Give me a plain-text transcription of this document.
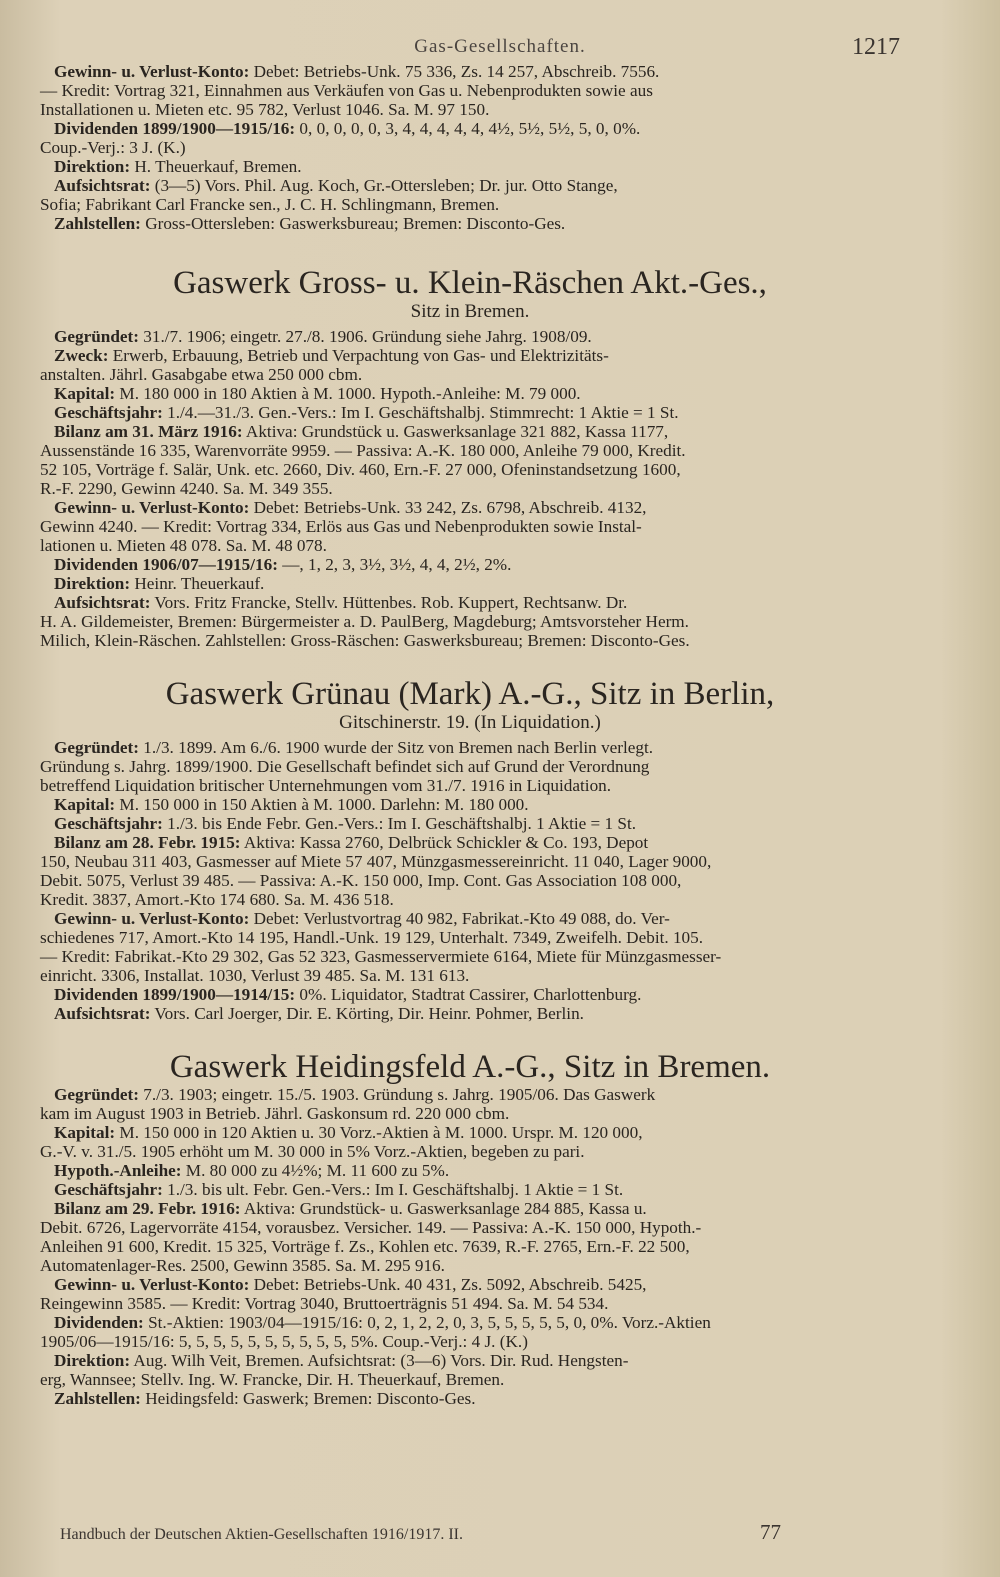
Gas-Gesellschaften.	1217

Gewinn- u. Verlust-Konto: Debet: Betriebs-Unk. 75 336, Zs. 14 257, Abschreib. 7556.

— Kredit: Vortrag 321, Einnahmen aus Verkäufen von Gas u. Nebenprodukten sowie aus

Installationen u. Mieten etc. 95 782, Verlust 1046. Sa. M. 97 150.

Dividenden 1899/1900—1915/16: 0, 0, 0, 0, 0, 3, 4, 4, 4, 4, 4, 4½, 5½, 5½, 5, 0, 0%.

Coup.-Verj.: 3 J. (K.)

Direktion: H. Theuerkauf, Bremen.

Aufsichtsrat: (3—5) Vors. Phil. Aug. Koch, Gr.-Ottersleben; Dr. jur. Otto Stange,

Sofia; Fabrikant Carl Francke sen., J. C. H. Schlingmann, Bremen.

Zahlstellen: Gross-Ottersleben: Gaswerksbureau; Bremen: Disconto-Ges.

Gaswerk Gross- u. Klein-Räschen Akt.-Ges.,
Sitz in Bremen.

Gegründet: 31./7. 1906; eingetr. 27./8. 1906. Gründung siehe Jahrg. 1908/09.

Zweck: Erwerb, Erbauung, Betrieb und Verpachtung von Gas- und Elektrizitäts-

anstalten. Jährl. Gasabgabe etwa 250 000 cbm.

Kapital: M. 180 000 in 180 Aktien à M. 1000. Hypoth.-Anleihe: M. 79 000.

Geschäftsjahr: 1./4.—31./3. Gen.-Vers.: Im I. Geschäftshalbj. Stimmrecht: 1 Aktie = 1 St.

Bilanz am 31. März 1916: Aktiva: Grundstück u. Gaswerksanlage 321 882, Kassa 1177,

Aussenstände 16 335, Warenvorräte 9959. — Passiva: A.-K. 180 000, Anleihe 79 000, Kredit.

52 105, Vorträge f. Salär, Unk. etc. 2660, Div. 460, Ern.-F. 27 000, Ofeninstandsetzung 1600,

R.-F. 2290, Gewinn 4240. Sa. M. 349 355.

Gewinn- u. Verlust-Konto: Debet: Betriebs-Unk. 33 242, Zs. 6798, Abschreib. 4132,

Gewinn 4240. — Kredit: Vortrag 334, Erlös aus Gas und Nebenprodukten sowie Instal-

lationen u. Mieten 48 078. Sa. M. 48 078.

Dividenden 1906/07—1915/16: —, 1, 2, 3, 3½, 3½, 4, 4, 2½, 2%.

Direktion: Heinr. Theuerkauf.

Aufsichtsrat: Vors. Fritz Francke, Stellv. Hüttenbes. Rob. Kuppert, Rechtsanw. Dr.

H. A. Gildemeister, Bremen: Bürgermeister a. D. PaulBerg, Magdeburg; Amtsvorsteher Herm.

Milich, Klein-Räschen. Zahlstellen: Gross-Räschen: Gaswerksbureau; Bremen: Disconto-Ges.

Gaswerk Grünau (Mark) A.-G., Sitz in Berlin,
Gitschinerstr. 19. (In Liquidation.)

Gegründet: 1./3. 1899. Am 6./6. 1900 wurde der Sitz von Bremen nach Berlin verlegt.

Gründung s. Jahrg. 1899/1900. Die Gesellschaft befindet sich auf Grund der Verordnung

betreffend Liquidation britischer Unternehmungen vom 31./7. 1916 in Liquidation.

Kapital: M. 150 000 in 150 Aktien à M. 1000. Darlehn: M. 180 000.

Geschäftsjahr: 1./3. bis Ende Febr. Gen.-Vers.: Im I. Geschäftshalbj. 1 Aktie = 1 St.

Bilanz am 28. Febr. 1915: Aktiva: Kassa 2760, Delbrück Schickler & Co. 193, Depot

150, Neubau 311 403, Gasmesser auf Miete 57 407, Münzgasmessereinricht. 11 040, Lager 9000,

Debit. 5075, Verlust 39 485. — Passiva: A.-K. 150 000, Imp. Cont. Gas Association 108 000,

Kredit. 3837, Amort.-Kto 174 680. Sa. M. 436 518.

Gewinn- u. Verlust-Konto: Debet: Verlustvortrag 40 982, Fabrikat.-Kto 49 088, do. Ver-

schiedenes 717, Amort.-Kto 14 195, Handl.-Unk. 19 129, Unterhalt. 7349, Zweifelh. Debit. 105.

— Kredit: Fabrikat.-Kto 29 302, Gas 52 323, Gasmesservermiete 6164, Miete für Münzgasmesser-

einricht. 3306, Installat. 1030, Verlust 39 485. Sa. M. 131 613.

Dividenden 1899/1900—1914/15: 0%. Liquidator, Stadtrat Cassirer, Charlottenburg.

Aufsichtsrat: Vors. Carl Joerger, Dir. E. Körting, Dir. Heinr. Pohmer, Berlin.

Gaswerk Heidingsfeld A.-G., Sitz in Bremen.

Gegründet: 7./3. 1903; eingetr. 15./5. 1903. Gründung s. Jahrg. 1905/06. Das Gaswerk

kam im August 1903 in Betrieb. Jährl. Gaskonsum rd. 220 000 cbm.

Kapital: M. 150 000 in 120 Aktien u. 30 Vorz.-Aktien à M. 1000. Urspr. M. 120 000,

G.-V. v. 31./5. 1905 erhöht um M. 30 000 in 5% Vorz.-Aktien, begeben zu pari.

Hypoth.-Anleihe: M. 80 000 zu 4½%; M. 11 600 zu 5%.

Geschäftsjahr: 1./3. bis ult. Febr. Gen.-Vers.: Im I. Geschäftshalbj. 1 Aktie = 1 St.

Bilanz am 29. Febr. 1916: Aktiva: Grundstück- u. Gaswerksanlage 284 885, Kassa u.

Debit. 6726, Lagervorräte 4154, vorausbez. Versicher. 149. — Passiva: A.-K. 150 000, Hypoth.-

Anleihen 91 600, Kredit. 15 325, Vorträge f. Zs., Kohlen etc. 7639, R.-F. 2765, Ern.-F. 22 500,

Automatenlager-Res. 2500, Gewinn 3585. Sa. M. 295 916.

Gewinn- u. Verlust-Konto: Debet: Betriebs-Unk. 40 431, Zs. 5092, Abschreib. 5425,

Reingewinn 3585. — Kredit: Vortrag 3040, Bruttoerträgnis 51 494. Sa. M. 54 534.

Dividenden: St.-Aktien: 1903/04—1915/16: 0, 2, 1, 2, 2, 0, 3, 5, 5, 5, 5, 5, 0, 0%. Vorz.-Aktien

1905/06—1915/16: 5, 5, 5, 5, 5, 5, 5, 5, 5, 5, 5%. Coup.-Verj.: 4 J. (K.)

Direktion: Aug. Wilh Veit, Bremen. Aufsichtsrat: (3—6) Vors. Dir. Rud. Hengsten-

erg, Wannsee; Stellv. Ing. W. Francke, Dir. H. Theuerkauf, Bremen.

Zahlstellen: Heidingsfeld: Gaswerk; Bremen: Disconto-Ges.

Handbuch der Deutschen Aktien-Gesellschaften 1916/1917. II.	77
